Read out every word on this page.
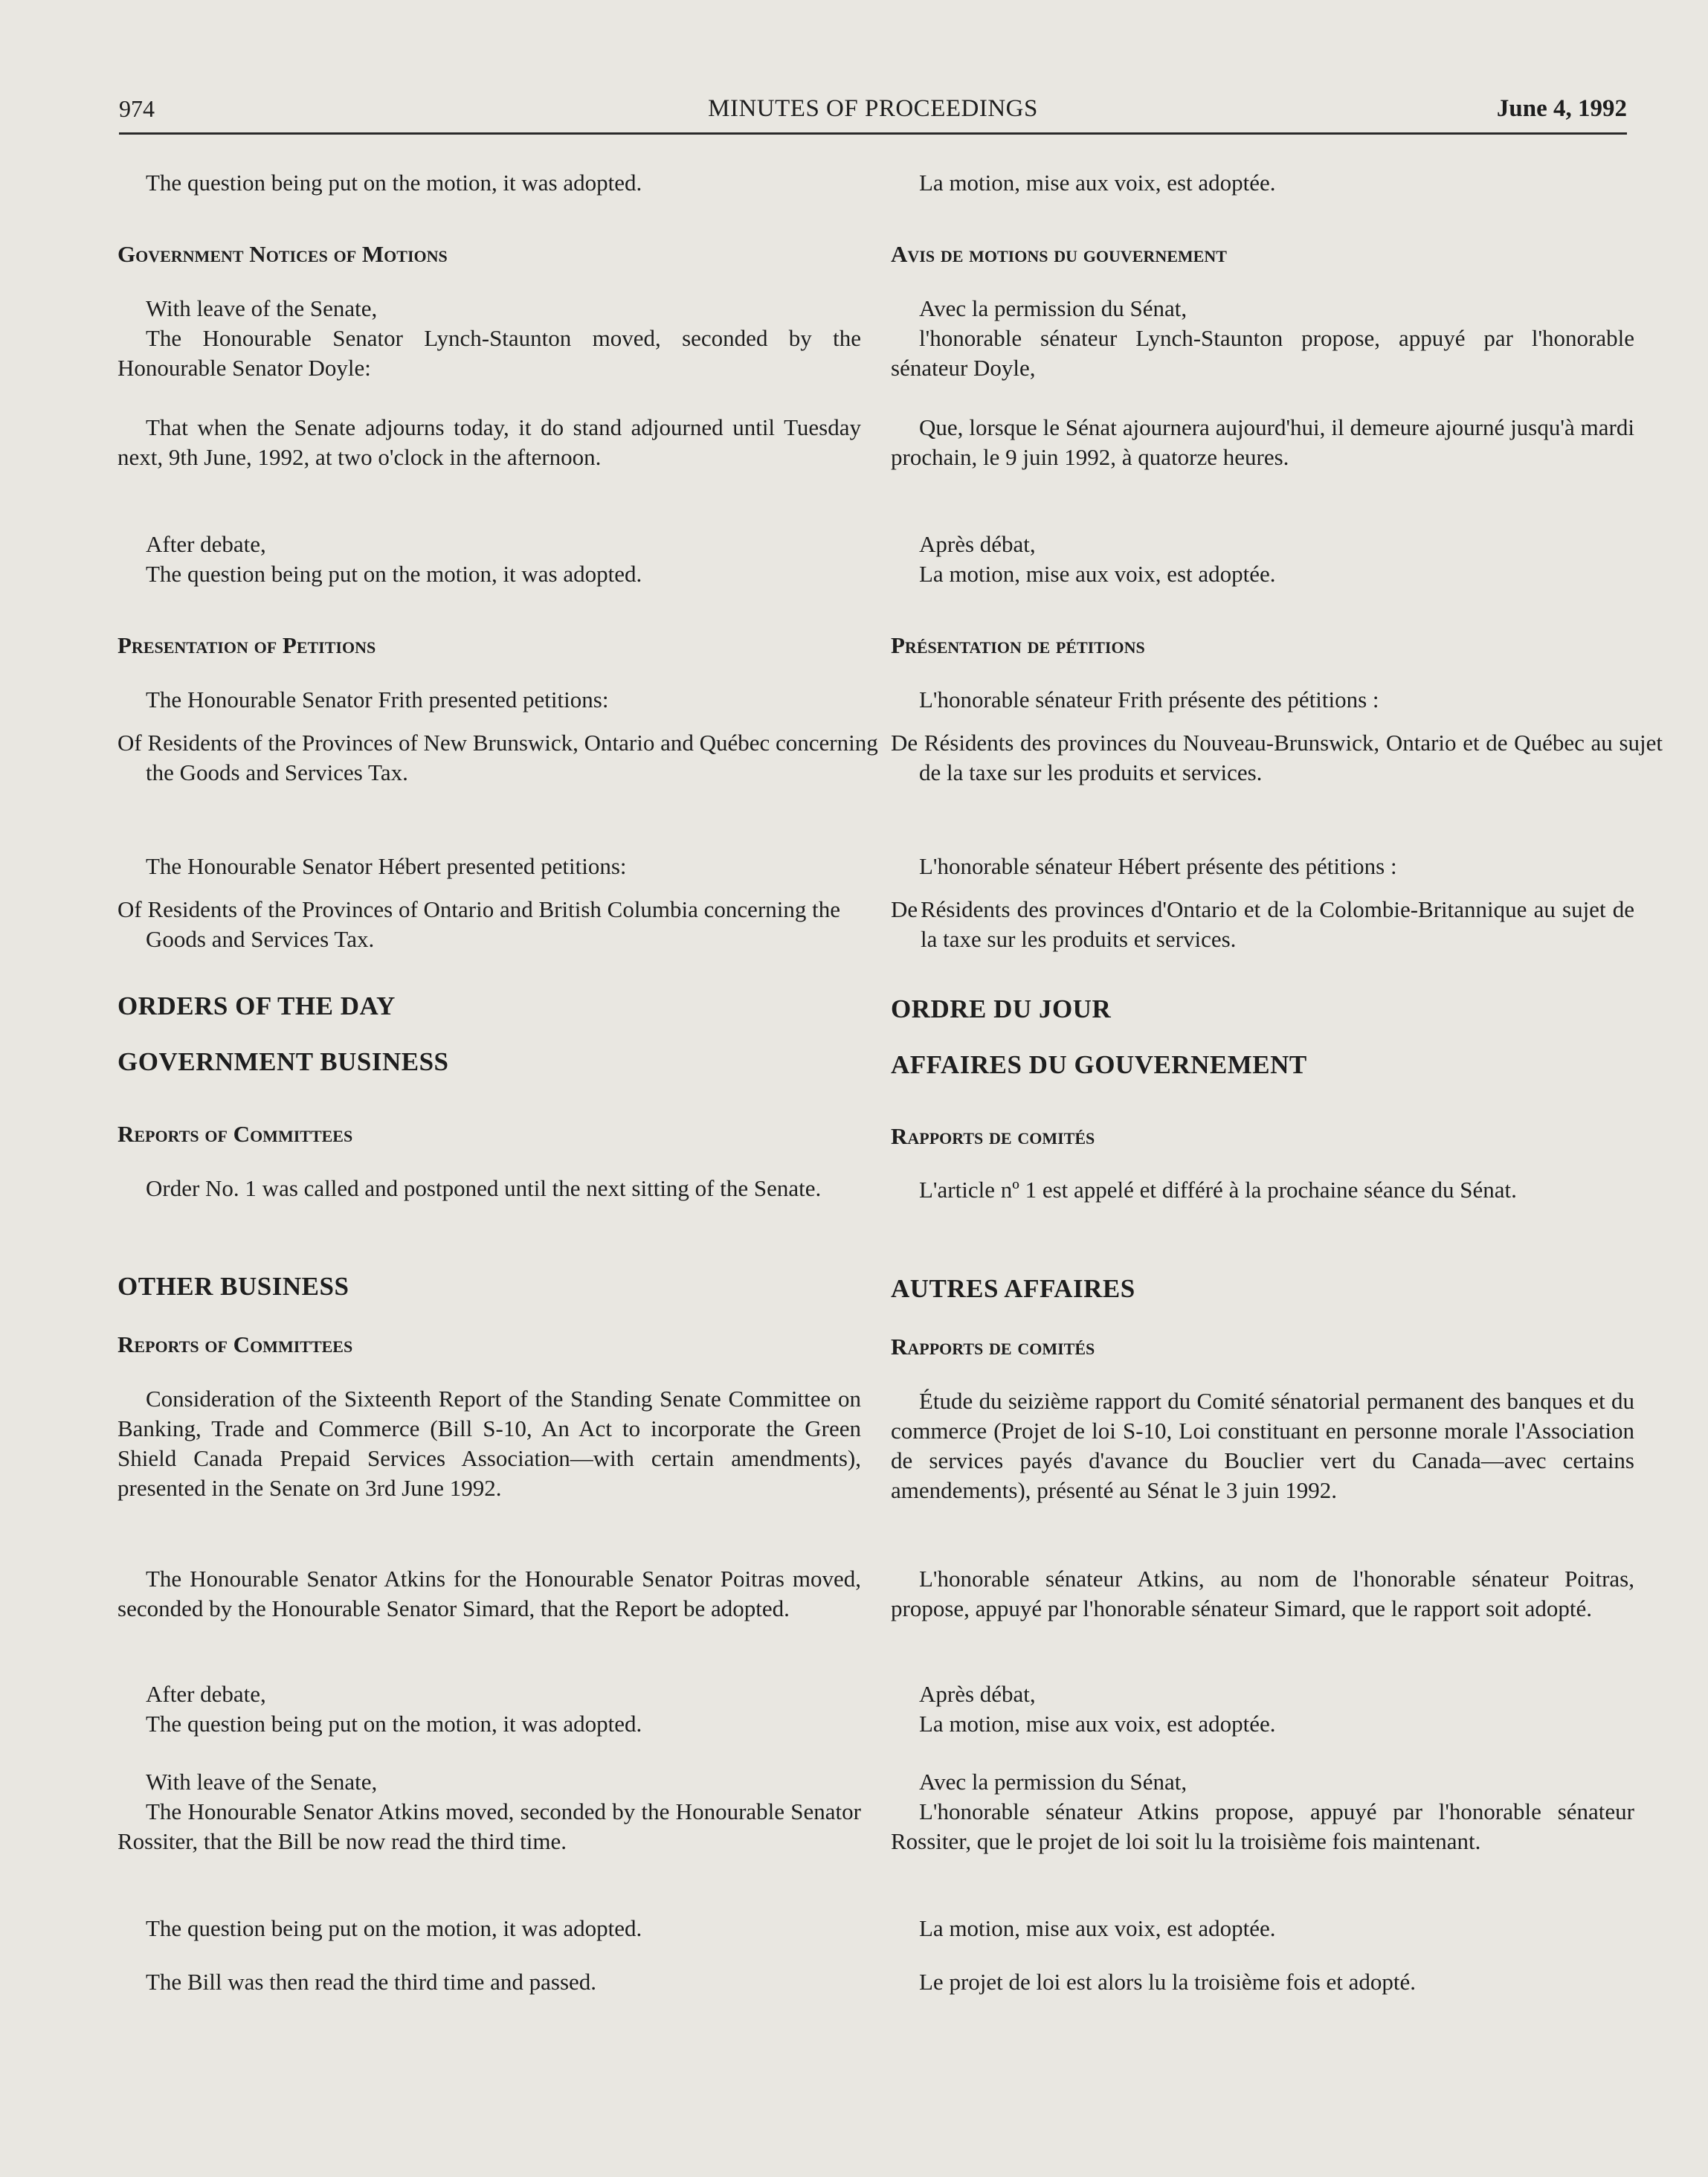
974	MINUTES OF PROCEEDINGS	June 4, 1992

The question being put on the motion, it was adopted.

Government Notices of Motions

With leave of the Senate,

The Honourable Senator Lynch-Staunton moved, seconded by the Honourable Senator Doyle:

That when the Senate adjourns today, it do stand adjourned until Tuesday next, 9th June, 1992, at two o'clock in the afternoon.

After debate,

The question being put on the motion, it was adopted.

Presentation of Petitions

The Honourable Senator Frith presented petitions:

Of Residents of the Provinces of New Brunswick, Ontario and Québec concerning the Goods and Services Tax.

The Honourable Senator Hébert presented petitions:

Of Residents of the Provinces of Ontario and British Columbia concerning the Goods and Services Tax.

ORDERS OF THE DAY

GOVERNMENT BUSINESS

Reports of Committees

Order No. 1 was called and postponed until the next sitting of the Senate.

OTHER BUSINESS

Reports of Committees

Consideration of the Sixteenth Report of the Standing Senate Committee on Banking, Trade and Commerce (Bill S-10, An Act to incorporate the Green Shield Canada Prepaid Services Association—with certain amendments), presented in the Senate on 3rd June 1992.

The Honourable Senator Atkins for the Honourable Senator Poitras moved, seconded by the Honourable Senator Simard, that the Report be adopted.

After debate,

The question being put on the motion, it was adopted.

With leave of the Senate,

The Honourable Senator Atkins moved, seconded by the Honourable Senator Rossiter, that the Bill be now read the third time.

The question being put on the motion, it was adopted.

The Bill was then read the third time and passed.

La motion, mise aux voix, est adoptée.

Avis de motions du gouvernement

Avec la permission du Sénat,

l'honorable sénateur Lynch-Staunton propose, appuyé par l'honorable sénateur Doyle,

Que, lorsque le Sénat ajournera aujourd'hui, il demeure ajourné jusqu'à mardi prochain, le 9 juin 1992, à quatorze heures.

Après débat,

La motion, mise aux voix, est adoptée.

Présentation de pétitions

L'honorable sénateur Frith présente des pétitions :

De Résidents des provinces du Nouveau-Brunswick, Ontario et de Québec au sujet de la taxe sur les produits et services.

L'honorable sénateur Hébert présente des pétitions :

De Résidents des provinces d'Ontario et de la Colombie-Britannique au sujet de la taxe sur les produits et services.

ORDRE DU JOUR

AFFAIRES DU GOUVERNEMENT

Rapports de comités

L'article nº 1 est appelé et différé à la prochaine séance du Sénat.

AUTRES AFFAIRES

Rapports de comités

Étude du seizième rapport du Comité sénatorial permanent des banques et du commerce (Projet de loi S-10, Loi constituant en personne morale l'Association de services payés d'avance du Bouclier vert du Canada—avec certains amendements), présenté au Sénat le 3 juin 1992.

L'honorable sénateur Atkins, au nom de l'honorable sénateur Poitras, propose, appuyé par l'honorable sénateur Simard, que le rapport soit adopté.

Après débat,

La motion, mise aux voix, est adoptée.

Avec la permission du Sénat,

L'honorable sénateur Atkins propose, appuyé par l'honorable sénateur Rossiter, que le projet de loi soit lu la troisième fois maintenant.

La motion, mise aux voix, est adoptée.

Le projet de loi est alors lu la troisième fois et adopté.
